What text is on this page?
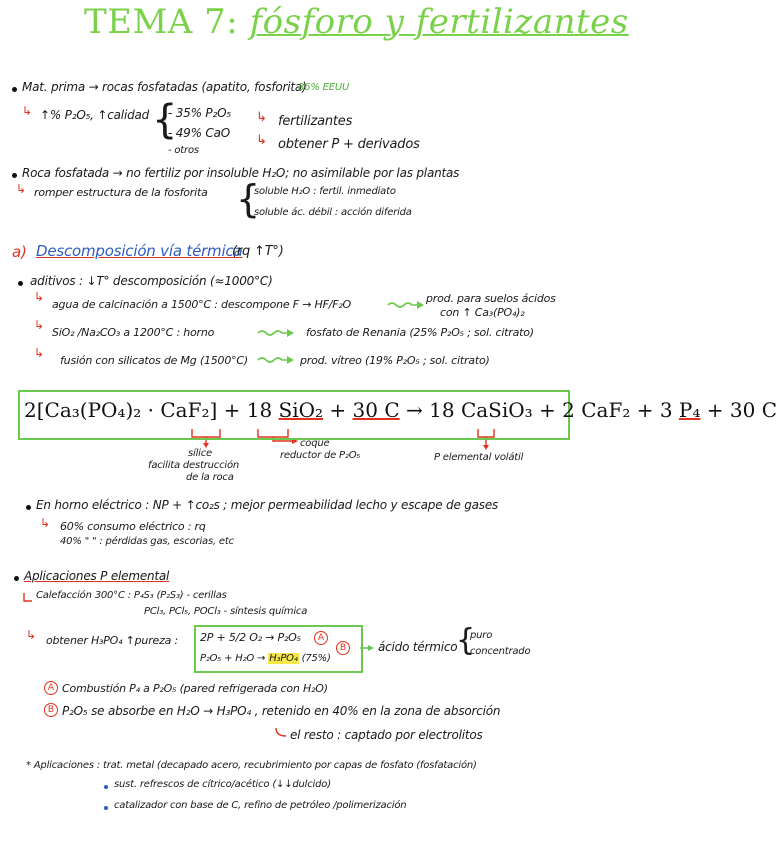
TEMA 7: fósforo y fertilizantes
Mat. prima → rocas fosfatadas (apatito, fosforita)
86% EEUU
↳ ↑% P₂O₅, ↑calidad {
- 35% P₂O₅
- 49% CaO
- otros
↳ fertilizantes
↳ obtener P + derivados
Roca fosfatada → no fertiliz por insoluble H₂O; no asimilable por las plantas
↳ romper estructura de la fosforita {
soluble H₂O : fertil. inmediato
soluble ác. débil : acción diferida
a) Descomposición vía térmica
(rq ↑T°)
aditivos : ↓T° descomposición (≈1000°C)
↳
agua de calcinación a 1500°C : descompone F → HF/F₂O	prod. para suelos ácidos
con ↑ Ca₃(PO₄)₂
↳
SiO₂ /Na₂CO₃ a 1200°C : horno	fosfato de Renania (25% P₂O₅ ; sol. citrato)
↳
fusión con silicatos de Mg (1500°C)	prod. vítreo (19% P₂O₅ ; sol. citrato)
2[Ca₃(PO₄)₂ · CaF₂] + 18 SiO₂ + 30 C → 18 CaSiO₃ + 2 CaF₂ + 3 P₄ + 30 C
sílice
facilita destrucción
de la roca
coque
reductor de P₂O₅	P elemental volátil
En horno eléctrico : NP + ↑co₂s ; mejor permeabilidad lecho y escape de gases
↳ 60% consumo eléctrico : rq
40% " " : pérdidas gas, escorias, etc
Aplicaciones P elemental
Calefacción 300°C : P₄S₃ (P₂S₃) - cerillas
PCl₃, PCl₅, POCl₃ - síntesis química
↳ obtener H₃PO₄ ↑pureza : 2P + 5/2 O₂ → P₂O₅	A
B
P₂O₅ + H₂O → H₃PO₄ (75%)
ácido térmico
{
puro
concentrado
A Combustión P₄ a P₂O₅ (pared refrigerada con H₂O)
B P₂O₅ se absorbe en H₂O → H₃PO₄ , retenido en 40% en la zona de absorción
el resto : captado por electrolitos
* Aplicaciones : trat. metal (decapado acero, recubrimiento por capas de fosfato (fosfatación)
sust. refrescos de cítrico/acético (↓↓dulcido)
catalizador con base de C, refino de petróleo /polimerización
